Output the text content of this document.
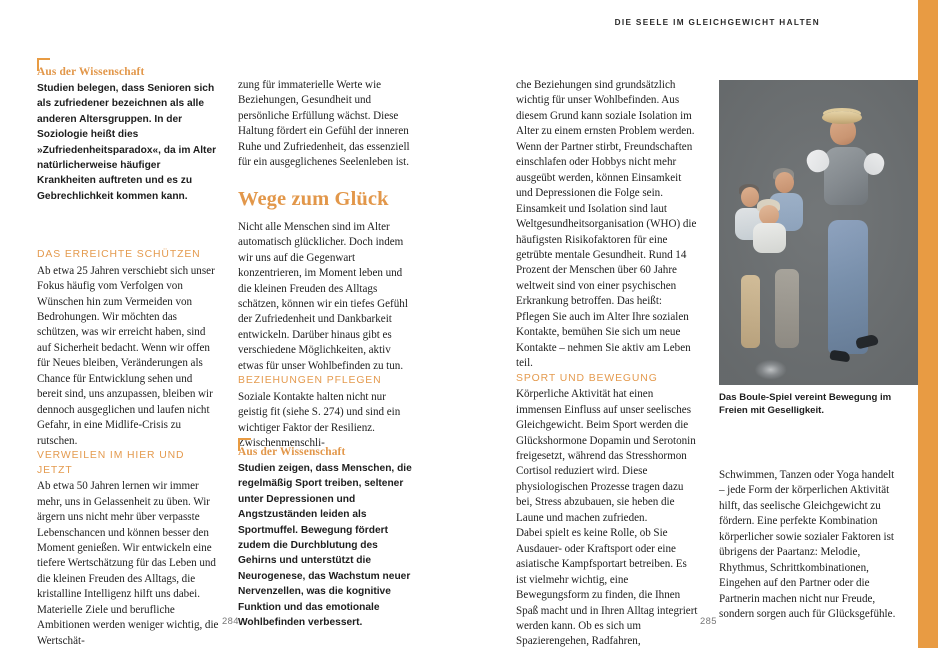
DIE SEELE IM GLEICHGEWICHT HALTEN
DAS ERREICHTE SCHÜTZEN

Ab etwa 25 Jahren verschiebt sich unser Fokus häufig vom Verfolgen von Wünschen hin zum Vermeiden von Bedrohungen. Wir möchten das schützen, was wir erreicht haben, sind auf Sicherheit bedacht. Wenn wir offen für Neues bleiben, Veränderungen als Chance für Entwicklung sehen und bereit sind, uns anzupassen, bleiben wir dennoch ausgeglichen und laufen nicht Gefahr, in eine Midlife-Crisis zu rutschen.

VERWEILEN IM HIER UND JETZT

Ab etwa 50 Jahren lernen wir immer mehr, uns in Gelassenheit zu üben. Wir ärgern uns nicht mehr über verpasste Lebenschancen und können besser den Moment genießen. Wir entwickeln eine tiefere Wertschätzung für das Leben und die kleinen Freuden des Alltags, die kristalline Intelligenz hilft uns dabei. Materielle Ziele und berufliche Ambitionen werden weniger wichtig, die Wertschät-

Aus der Wissenschaft

Studien belegen, dass Senioren sich als zufriedener bezeichnen als alle anderen Altersgruppen. In der Soziologie heißt dies »Zufriedenheitsparadox«, da im Alter natürlicherweise häufiger Krankheiten auftreten und es zu Gebrechlichkeit kommen kann.

zung für immaterielle Werte wie Beziehungen, Gesundheit und persönliche Erfüllung wächst. Diese Haltung fördert ein Gefühl der inneren Ruhe und Zufriedenheit, das essenziell für ein ausgeglichenes Seelenleben ist.

Wege zum Glück

Nicht alle Menschen sind im Alter automatisch glücklicher. Doch indem wir uns auf die Gegenwart konzentrieren, im Moment leben und die kleinen Freuden des Alltags schätzen, können wir ein tiefes Gefühl der Zufriedenheit und Dankbarkeit entwickeln. Darüber hinaus gibt es verschiedene Möglichkeiten, aktiv etwas für unser Wohlbefinden zu tun.

BEZIEHUNGEN PFLEGEN

Soziale Kontakte halten nicht nur geistig fit (siehe S. 274) und sind ein wichtiger Faktor der Resilienz. Zwischenmenschli-

Aus der Wissenschaft

Studien zeigen, dass Menschen, die regelmäßig Sport treiben, seltener unter Depressionen und Angstzuständen leiden als Sportmuffel. Bewegung fördert zudem die Durchblutung des Gehirns und unterstützt die Neurogenese, das Wachstum neuer Nervenzellen, was die kognitive Funktion und das emotionale Wohlbefinden verbessert.

che Beziehungen sind grundsätzlich wichtig für unser Wohlbefinden. Aus diesem Grund kann soziale Isolation im Alter zu einem ernsten Problem werden. Wenn der Partner stirbt, Freundschaften einschlafen oder Hobbys nicht mehr ausgeübt werden, können Einsamkeit und Depressionen die Folge sein. Einsamkeit und Isolation sind laut Weltgesundheitsorganisation (WHO) die häufigsten Risikofaktoren für eine getrübte mentale Gesundheit. Rund 14 Prozent der Menschen über 60 Jahre weltweit sind von einer psychischen Erkrankung betroffen. Das heißt: Pflegen Sie auch im Alter Ihre sozialen Kontakte, bemühen Sie sich um neue Kontakte – nehmen Sie aktiv am Leben teil.

SPORT UND BEWEGUNG

Körperliche Aktivität hat einen immensen Einfluss auf unser seelisches Gleichgewicht. Beim Sport werden die Glückshormone Dopamin und Serotonin freigesetzt, während das Stresshormon Cortisol reduziert wird. Diese physiologischen Prozesse tragen dazu bei, Stress abzubauen, sie heben die Laune und machen zufrieden.

Dabei spielt es keine Rolle, ob Sie Ausdauer- oder Kraftsport oder eine asiatische Kampfsportart betreiben. Es ist vielmehr wichtig, eine Bewegungsform zu finden, die Ihnen Spaß macht und in Ihren Alltag integriert werden kann. Ob es sich um Spazierengehen, Radfahren,

Das Boule-Spiel vereint Bewegung im Freien mit Geselligkeit.

Schwimmen, Tanzen oder Yoga handelt – jede Form der körperlichen Aktivität hilft, das seelische Gleichgewicht zu fördern. Eine perfekte Kombination körperlicher sowie sozialer Faktoren ist übrigens der Paartanz: Melodie, Rhythmus, Schrittkombinationen, Eingehen auf den Partner oder die Partnerin machen nicht nur Freude, sondern sorgen auch für Glücksgefühle.

284	285
